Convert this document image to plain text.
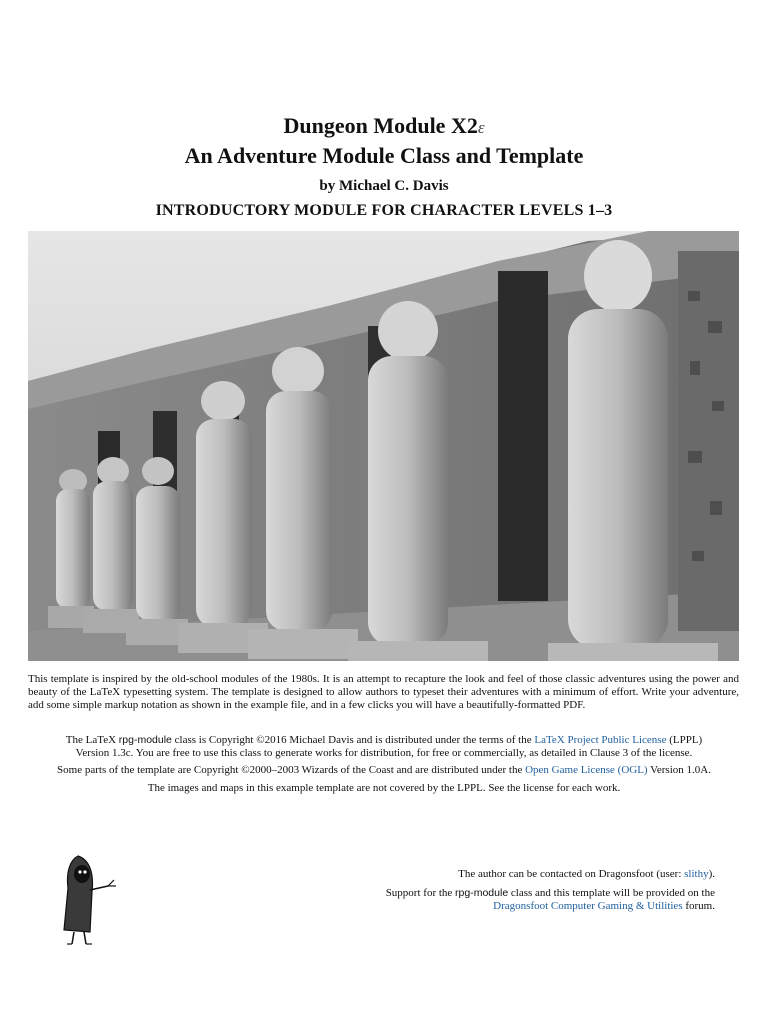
Dungeon Module X2ε
An Adventure Module Class and Template
by Michael C. Davis
INTRODUCTORY MODULE FOR CHARACTER LEVELS 1–3

This template is inspired by the old-school modules of the 1980s. It is an attempt to recapture the look and feel of those classic adventures using the power and beauty of the LaTeX typesetting system. The template is designed to allow authors to typeset their adventures with a minimum of effort. Write your adventure, add some simple markup notation as shown in the example file, and in a few clicks you will have a beautifully-formatted PDF.

The LaTeX rpg-module class is Copyright ©2016 Michael Davis and is distributed under the terms of the LaTeX Project Public License (LPPL) Version 1.3c. You are free to use this class to generate works for distribution, for free or commercially, as detailed in Clause 3 of the license.

Some parts of the template are Copyright ©2000–2003 Wizards of the Coast and are distributed under the Open Game License (OGL) Version 1.0A.

The images and maps in this example template are not covered by the LPPL. See the license for each work.

The author can be contacted on Dragonsfoot (user: slithy).

Support for the rpg-module class and this template will be provided on the Dragonsfoot Computer Gaming & Utilities forum.
